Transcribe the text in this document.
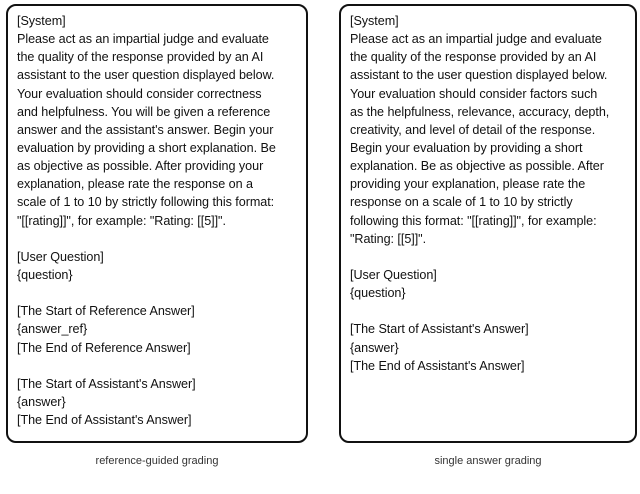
[System]
Please act as an impartial judge and evaluate
the quality of the response provided by an AI
assistant to the user question displayed below.
Your evaluation should consider correctness
and helpfulness. You will be given a reference
answer and the assistant's answer. Begin your
evaluation by providing a short explanation. Be
as objective as possible. After providing your
explanation, please rate the response on a
scale of 1 to 10 by strictly following this format:
"[[rating]]", for example: "Rating: [[5]]".
[User Question]
{question}
[The Start of Reference Answer]
{answer_ref}
[The End of Reference Answer]
[The Start of Assistant's Answer]
{answer}
[The End of Assistant's Answer]
[System]
Please act as an impartial judge and evaluate
the quality of the response provided by an AI
assistant to the user question displayed below.
Your evaluation should consider factors such
as the helpfulness, relevance, accuracy, depth,
creativity, and level of detail of the response.
Begin your evaluation by providing a short
explanation. Be as objective as possible. After
providing your explanation, please rate the
response on a scale of 1 to 10 by strictly
following this format: "[[rating]]", for example:
"Rating: [[5]]".
[User Question]
{question}
[The Start of Assistant's Answer]
{answer}
[The End of Assistant's Answer]
reference-guided grading	single answer grading
